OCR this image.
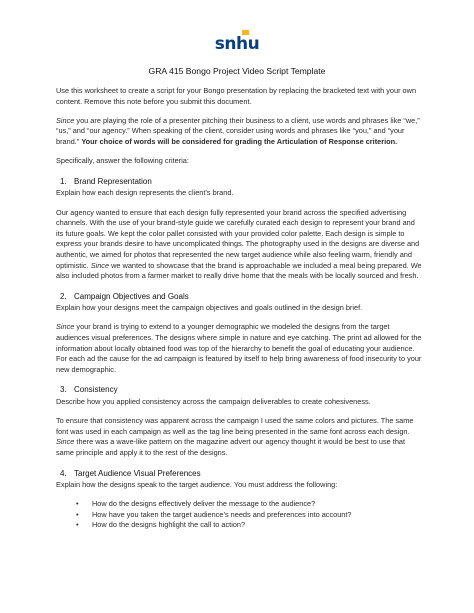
snhu
GRA 415 Bongo Project Video Script Template

Use this worksheet to create a script for your Bongo presentation by replacing the bracketed text with your own content. Remove this note before you submit this document.

Since you are playing the role of a presenter pitching their business to a client, use words and phrases like “we,” “us,” and “our agency.” When speaking of the client, consider using words and phrases like “you,” and “your brand.” Your choice of words will be considered for grading the Articulation of Response criterion.

Specifically, answer the following criteria:

1. Brand Representation

Explain how each design represents the client’s brand.

Our agency wanted to ensure that each design fully represented your brand across the specified advertising channels. With the use of your brand-style guide we carefully curated each design to represent your brand and its future goals. We kept the color pallet consisted with your provided color palette. Each design is simple to express your brands desire to have uncomplicated things. The photography used in the designs are diverse and authentic, we aimed for photos that represented the new target audience while also feeling warm, friendly and optimistic. Since we wanted to showcase that the brand is approachable we included a meal being prepared. We also included photos from a farmer market to really drive home that the meals with be locally sourced and fresh.

2. Campaign Objectives and Goals

Explain how your designs meet the campaign objectives and goals outlined in the design brief.

Since your brand is trying to extend to a younger demographic we modeled the designs from the target audiences visual preferences. The designs where simple in nature and eye catching. The print ad allowed for the information about locally obtained food was top of the hierarchy to benefit the goal of educating your audience. For each ad the cause for the ad campaign is featured by itself to help bring awareness of food insecurity to your new demographic.

3. Consistency

Describe how you applied consistency across the campaign deliverables to create cohesiveness.

To ensure that consistency was apparent across the campaign I used the same colors and pictures. The same font was used in each campaign as well as the tag line being presented in the same font across each design. Since there was a wave-like pattern on the magazine advert our agency thought it would be best to use that same principle and apply it to the rest of the designs.

4. Target Audience Visual Preferences
Explain how the designs speak to the target audience. You must address the following:
• How do the designs effectively deliver the message to the audience?
• How have you taken the target audience’s needs and preferences into account?
• How do the designs highlight the call to action?
